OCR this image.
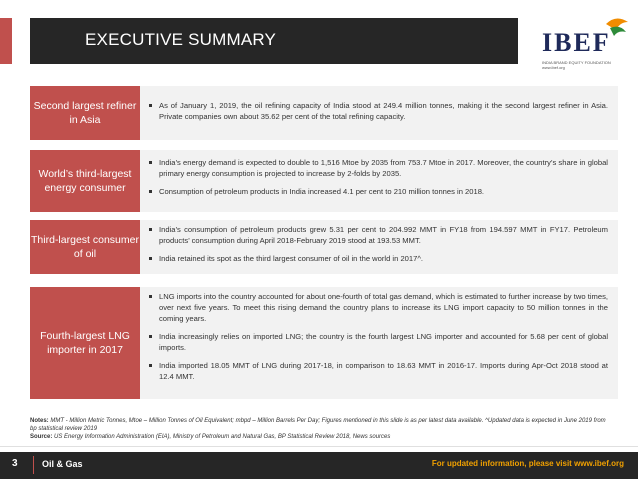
EXECUTIVE SUMMARY	IBEF
INDIA BRAND EQUITY FOUNDATION
www.ibef.org
Second largest refiner in Asia
As of January 1, 2019, the oil refining capacity of India stood at 249.4 million tonnes, making it the second largest refiner in Asia. Private companies own about 35.62 per cent of the total refining capacity.
World’s third-largest energy consumer
India’s energy demand is expected to double to 1,516 Mtoe by 2035 from 753.7 Mtoe in 2017. Moreover, the country’s share in global primary energy consumption is projected to increase by 2-folds by 2035.
Consumption of petroleum products in India increased 4.1 per cent to 210 million tonnes in 2018.
Third-largest consumer of oil
India’s consumption of petroleum products grew 5.31 per cent to 204.992 MMT in FY18 from 194.597 MMT in FY17. Petroleum products’ consumption during April 2018-February 2019 stood at 193.53 MMT.
India retained its spot as the third largest consumer of oil in the world in 2017^.
Fourth-largest LNG importer in 2017
LNG imports into the country accounted for about one-fourth of total gas demand, which is estimated to further increase by two times, over next five years. To meet this rising demand the country plans to increase its LNG import capacity to 50 million tonnes in the coming years.
India increasingly relies on imported LNG; the country is the fourth largest LNG importer and accounted for 5.68 per cent of global imports.
India imported 18.05 MMT of LNG during 2017-18, in comparison to 18.63 MMT in 2016-17. Imports during Apr-Oct 2018 stood at 12.4 MMT.
Notes: MMT - Million Metric Tonnes, Mtoe – Million Tonnes of Oil Equivalent; mbpd – Million Barrels Per Day; Figures mentioned in this slide is as per latest data available. ^Updated data is expected in June 2019 from bp statistical review 2019
Source: US Energy Information Administration (EIA), Ministry of Petroleum and Natural Gas, BP Statistical Review 2018, News sources
3	Oil & Gas	For updated information, please visit www.ibef.org
